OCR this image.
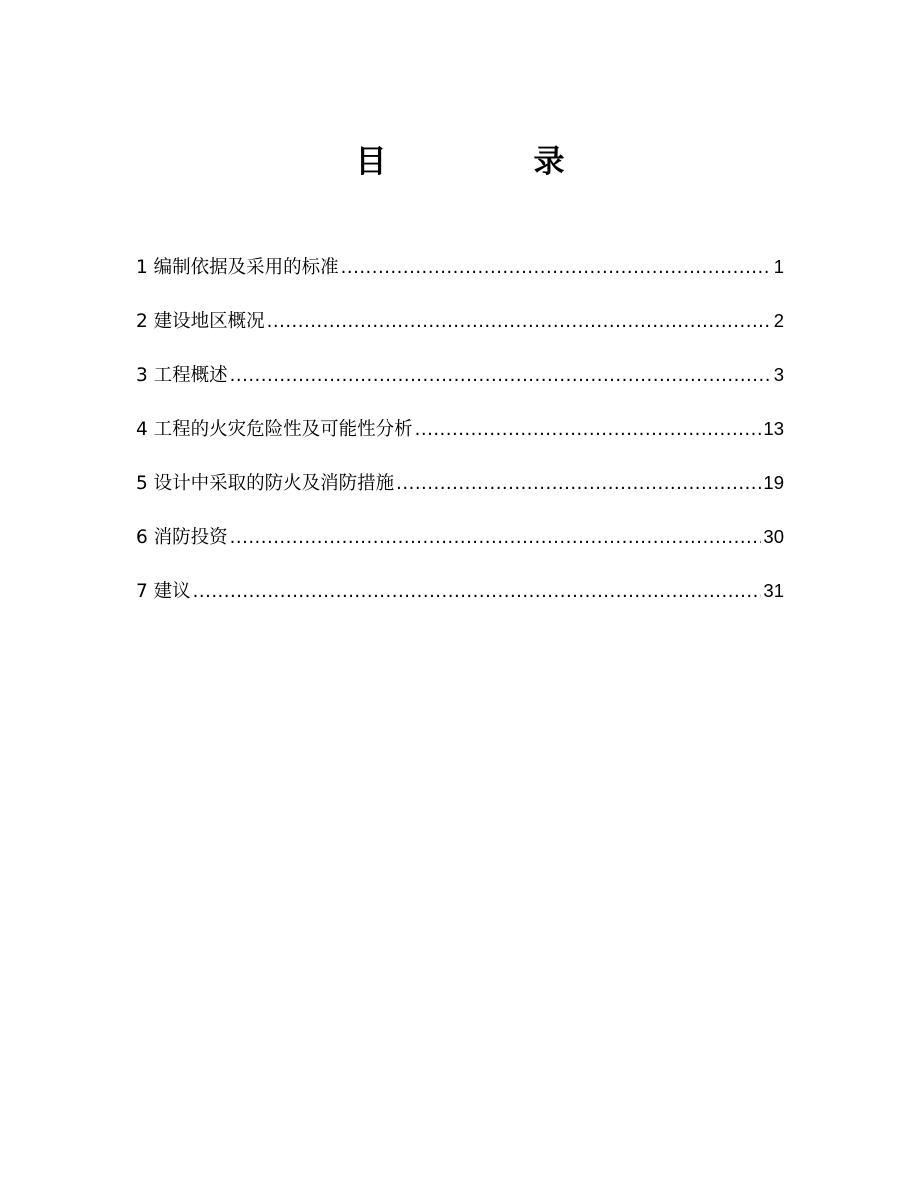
目　录
1 编制依据及采用的标准 .....	1
2 建设地区概况 .....	2
3 工程概述 .....	3
4 工程的火灾危险性及可能性分析 .....	13
5 设计中采取的防火及消防措施 .....	19
6 消防投资 .....	30
7 建议 .....	31
